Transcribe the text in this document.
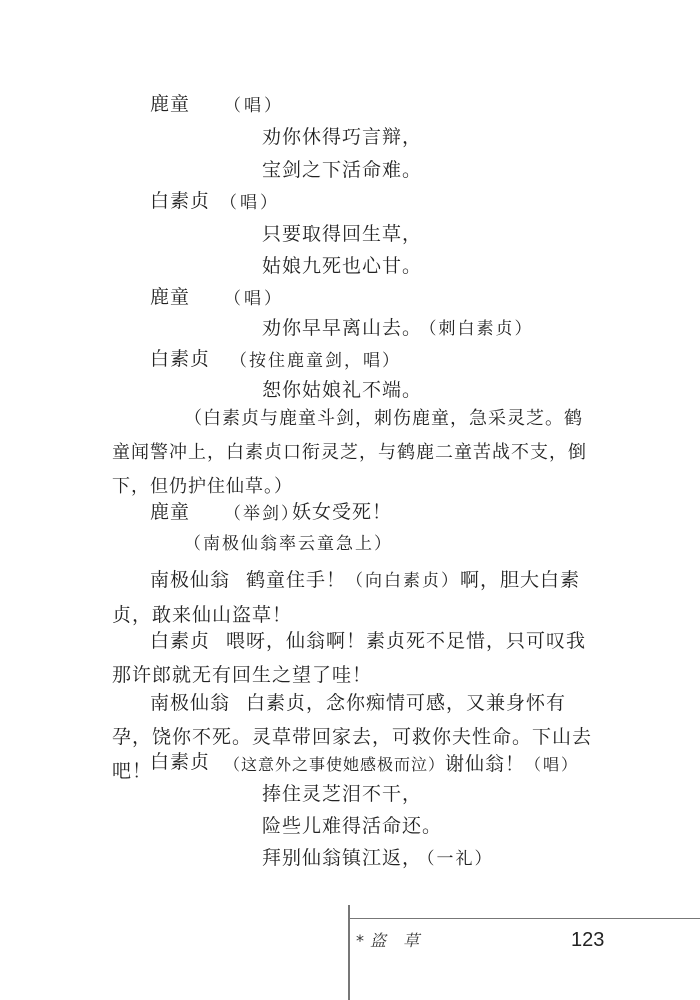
鹿童 （唱）
劝你休得巧言辩，
宝剑之下活命难。
白素贞 （唱）
只要取得回生草，
姑娘九死也心甘。
鹿童 （唱）
劝你早早离山去。 （刺白素贞）
白素贞 （按住鹿童剑，唱）
恕你姑娘礼不端。
（白素贞与鹿童斗剑，刺伤鹿童，急采灵芝。鹤童闻警冲上，白素贞口衔灵芝，与鹤鹿二童苦战不支，倒下，但仍护住仙草。）
鹿童 （举剑）
妖女受死！
（南极仙翁率云童急上）
南极仙翁 鹤童住手！（向白素贞）啊，胆大白素贞，敢来仙山盗草！
白素贞 喂呀，仙翁啊！素贞死不足惜，只可叹我那许郎就无有回生之望了哇！
南极仙翁 白素贞，念你痴情可感，又兼身怀有孕，饶你不死。灵草带回家去，可救你夫性命。下山去吧！
白素贞 （这意外之事使她感极而泣）谢仙翁！（唱）
捧住灵芝泪不干，
险些儿难得活命还。
拜别仙翁镇江返， （一礼）
*盗 草	123
